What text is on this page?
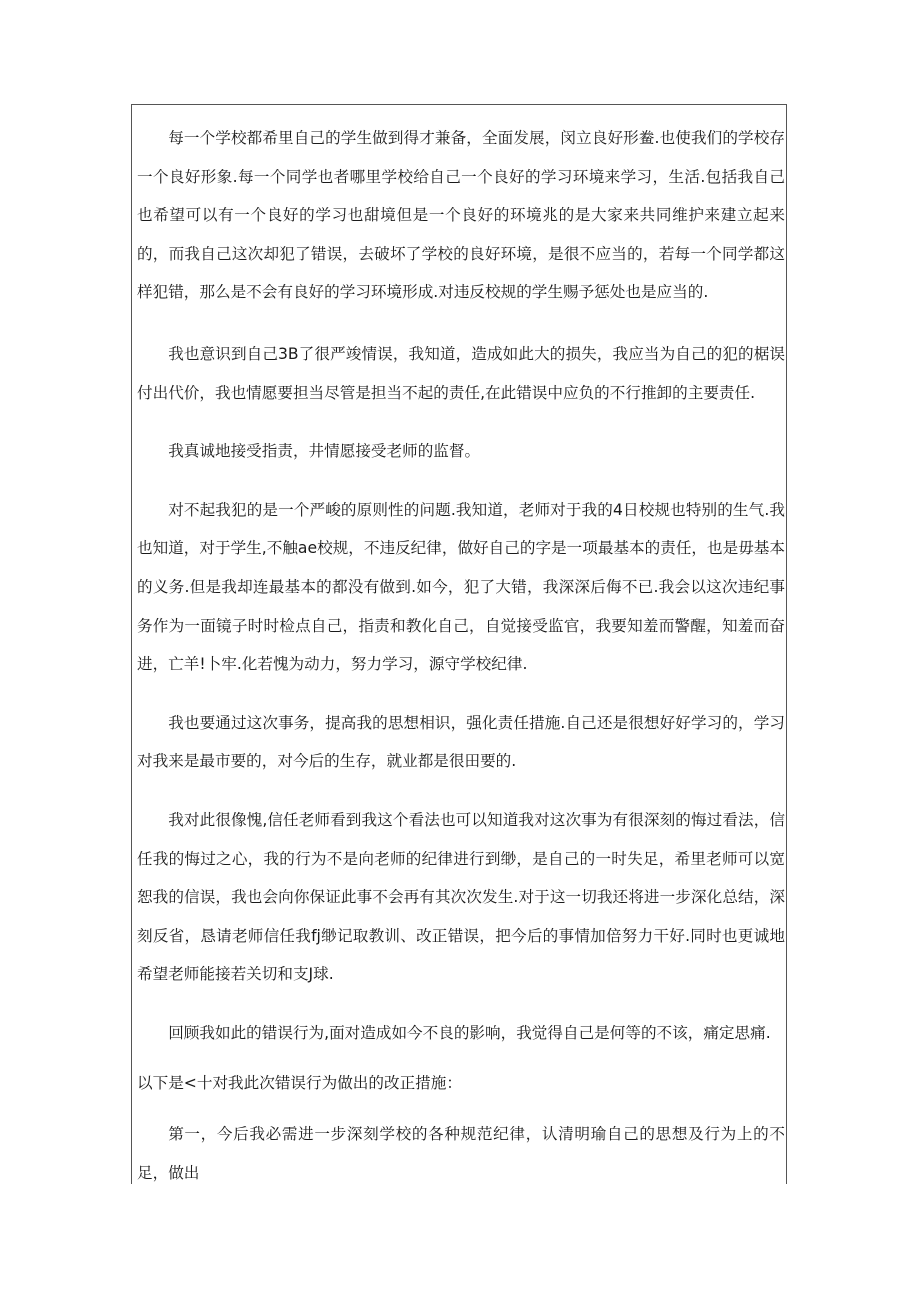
每一个学校都希里自己的学生做到得才兼备，全面发展，闵立良好形鲞.也使我们的学校存一个良好形象.每一个同学也者哪里学校给自己一个良好的学习环境来学习，生活.包括我自己也希望可以有一个良好的学习也甜境但是一个良好的环境兆的是大家来共同维护来建立起来的，而我自己这次却犯了错误，去破坏了学校的良好环境，是很不应当的，若每一个同学都这样犯错，那么是不会有良好的学习环境形成.对违反校规的学生赐予惩处也是应当的.

我也意识到自己3B了很严竣情误，我知道，造成如此大的损失，我应当为自己的犯的椐误付出代价，我也情愿要担当尽管是担当不起的责任,在此错误中应负的不行推卸的主要责任.

我真诚地接受指责，井情愿接受老师的监督。

对不起我犯的是一个严峻的原则性的问题.我知道，老师对于我的4日校规也特别的生气.我也知道，对于学生,不触ae校规，不违反纪律，做好自己的字是一项最基本的责任，也是毋基本的义务.但是我却连最基本的都没有做到.如今，犯了大错，我深深后侮不已.我会以这次违纪事务作为一面镜子时时检点自己，指责和教化自己，自觉接受监官，我要知羞而警醒，知羞而奋进，亡羊!卜牢.化若愧为动力，努力学习，源守学校纪律.

我也要通过这次事务，提高我的思想相识，强化责任措施.自己还是很想好好学习的，学习对我来是最市要的，对今后的生存，就业都是很田要的.

我对此很像愧,信任老师看到我这个看法也可以知道我对这次事为有很深刻的悔过看法，信任我的悔过之心，我的行为不是向老师的纪律进行到缈，是自己的一时失足，希里老师可以宽恕我的信误，我也会向你保证此事不会再有其次次发生.对于这一切我还将进一步深化总结，深刻反省，恳请老师信任我fj缈记取教训、改正错误，把今后的事情加倍努力干好.同时也更诚地希望老师能接若关切和支J球.

回顾我如此的错误行为,面对造成如今不良的影响，我觉得自己是何等的不该，痛定思痛.

以下是<十对我此次错误行为做出的改正措施：

第一，今后我必需进一步深刻学校的各种规范纪律，认清明瑜自己的思想及行为上的不足，做出
